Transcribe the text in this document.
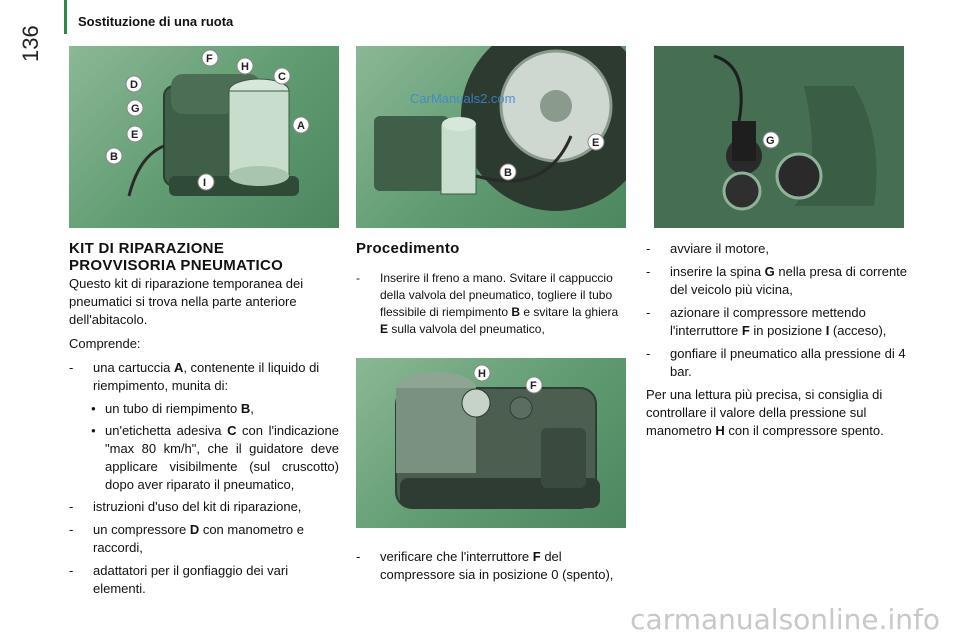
Sostituzione di una ruota
136	F
H
C
D
G
E
A
B
I
E
B
CarManuals2.com
G
H
F
KIT DI RIPARAZIONE
PROVVISORIA PNEUMATICO

Questo kit di riparazione temporanea dei pneumatici si trova nella parte anteriore dell'abitacolo.

Comprende:

- una cartuccia A, contenente il liquido di riempimento, munita di:
● un tubo di riempimento B,
● un'etichetta adesiva C con l'indicazione "max 80 km/h", che il guidatore deve applicare visibilmente (sul cruscotto) dopo aver riparato il pneumatico,
- istruzioni d'uso del kit di riparazione,
- un compressore D con manometro e raccordi,
- adattatori per il gonfiaggio dei vari elementi.
Procedimento
- Inserire il freno a mano. Svitare il cappuccio della valvola del pneumatico, togliere il tubo flessibile di riempimento B e svitare la ghiera E sulla valvola del pneumatico,
- verificare che l'interruttore F del compressore sia in posizione 0 (spento),
- avviare il motore,
- inserire la spina G nella presa di corrente del veicolo più vicina,
- azionare il compressore mettendo l'interruttore F in posizione I (acceso),
- gonfiare il pneumatico alla pressione di 4 bar.

Per una lettura più precisa, si consiglia di controllare il valore della pressione sul manometro H con il compressore spento.

carmanualsonline.info
